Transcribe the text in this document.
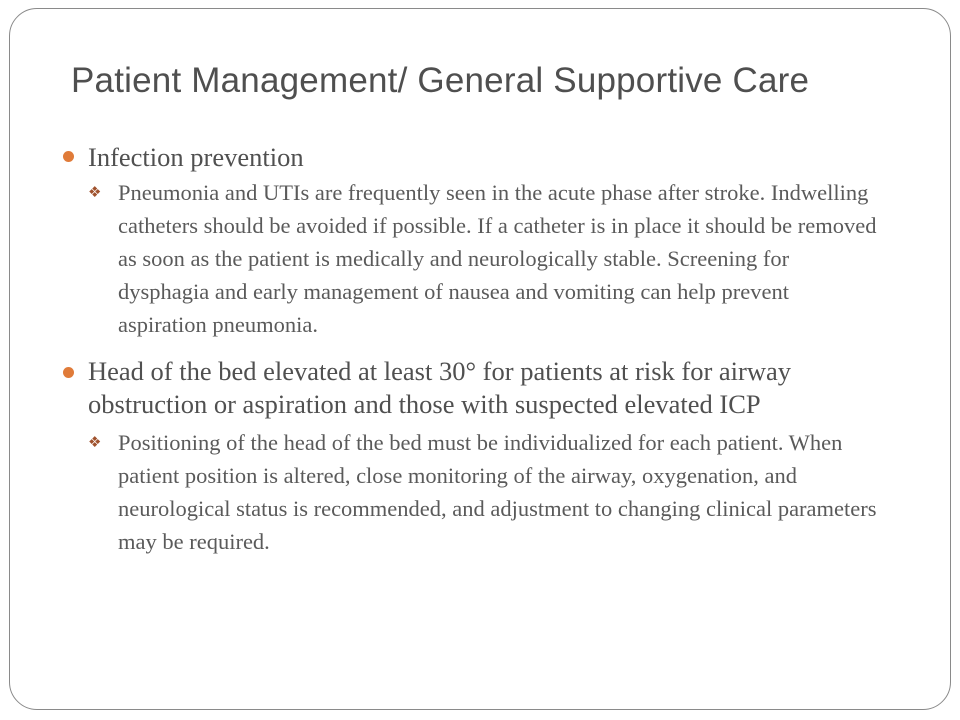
Patient Management/ General Supportive Care
Infection prevention
❖ Pneumonia and UTIs are frequently seen in the acute phase after stroke. Indwelling catheters should be avoided if possible. If a catheter is in place it should be removed as soon as the patient is medically and neurologically stable. Screening for dysphagia and early management of nausea and vomiting can help prevent aspiration pneumonia.
Head of the bed elevated at least 30° for patients at risk for airway obstruction or aspiration and those with suspected elevated ICP
❖ Positioning of the head of the bed must be individualized for each patient. When patient position is altered, close monitoring of the airway, oxygenation, and neurological status is recommended, and adjustment to changing clinical parameters may be required.
